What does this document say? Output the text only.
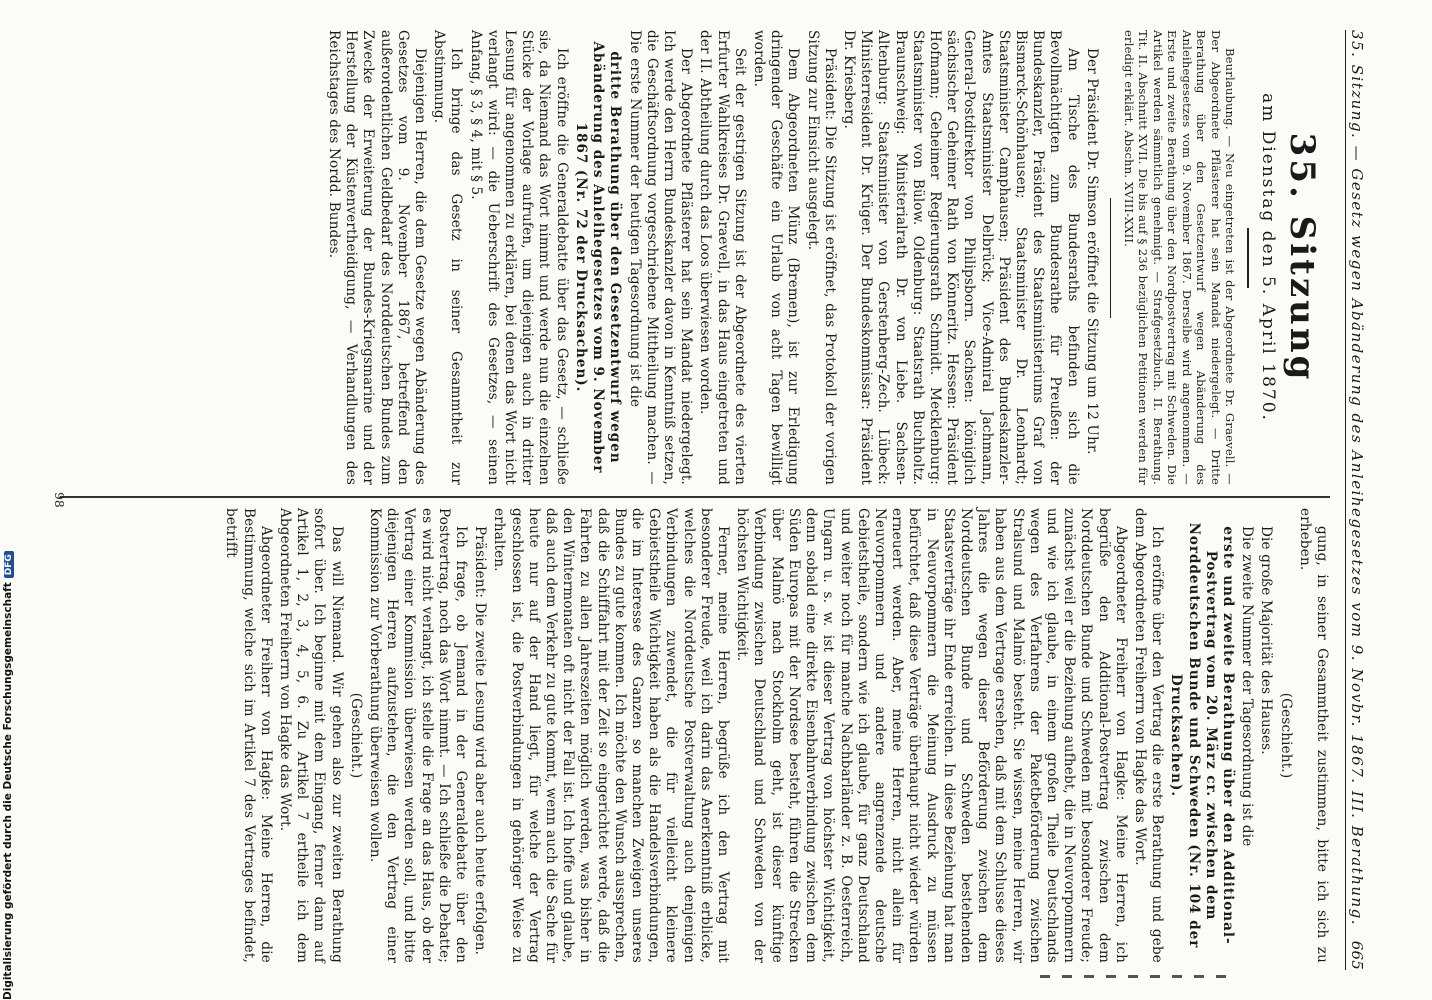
35. Sitzung. — Gesetz wegen Abänderung des Anleihegesetzes vom 9. Novbr. 1867. III. Berathung.
665
35. Sitzung
am Dienstag den 5. April 1870.

Beurlaubung. — Neu eingetreten ist der Abgeordnete Dr. Graevell. — Der Abgeordnete Pflästerer hat sein Mandat niedergelegt. — Dritte Berathung über den Gesetzentwurf wegen Abänderung des Anleihegesetzes vom 9. November 1867. Derselbe wird angenommen. — Erste und zweite Berathung über den Nordpostvertrag mit Schweden. Die Artikel werden sämmtlich genehmigt. — Strafgesetzbuch. II. Berathung. Tit. II. Abschnitt XVII. Die bis auf § 236 bezüglichen Petitionen werden für erledigt erklärt. Abschn. XVIII-XXII.

Der Präsident Dr. Simson eröffnet die Sitzung um 12 Uhr.

Am Tische des Bundesraths befinden sich die Bevollmächtigten zum Bundesrathe für Preußen: der Bundeskanzler, Präsident des Staatsministeriums Graf von Bismarck-Schönhausen; Staatsminister Dr. Leonhardt; Staatsminister Camphausen; Präsident des Bundeskanzler-Amtes Staatsminister Delbrück; Vice-Admiral Jachmann, General-Postdirektor von Philipsborn. Sachsen: königlich sächsischer Geheimer Rath von Könneritz. Hessen: Präsident Hofmann; Geheimer Regierungsrath Schmidt. Mecklenburg: Staatsminister von Bülow. Oldenburg: Staatsrath Buchholtz. Braunschweig: Ministerialrath Dr. von Liebe. Sachsen-Altenburg: Staatsminister von Gerstenberg-Zech. Lübeck: Ministerresident Dr. Krüger. Der Bundeskommissar: Präsident Dr. Kriesberg.

Präsident: Die Sitzung ist eröffnet, das Protokoll der vorigen Sitzung zur Einsicht ausgelegt.

Dem Abgeordneten Münz (Bremen), ist zur Erledigung dringender Geschäfte ein Urlaub von acht Tagen bewilligt worden.

Seit der gestrigen Sitzung ist der Abgeordnete des vierten Erfurter Wahlkreises Dr. Graevell, in das Haus eingetreten und der II. Abtheilung durch das Loos überwiesen worden.

Der Abgeordnete Pflästerer hat sein Mandat niedergelegt. Ich werde den Herrn Bundeskanzler davon in Kenntniß setzen, die Geschäftsordnung vorgeschriebene Mittheilung machen. — Die erste Nummer der heutigen Tagesordnung ist die

dritte Berathung über den Gesetzentwurf wegen Abänderung des Anleihegesetzes vom 9. November 1867 (Nr. 72 der Drucksachen).

Ich eröffne die Generaldebatte über das Gesetz, — schließe sie, da Niemand das Wort nimmt und werde nun die einzelnen Stücke der Vorlage aufrufen, um diejenigen auch in dritter Lesung für angenommen zu erklären, bei denen das Wort nicht verlangt wird: — die Ueberschrift des Gesetzes, — seinen Anfang, § 3, § 4, mit § 5.

Ich bringe das Gesetz in seiner Gesammtheit zur Abstimmung.

Diejenigen Herren, die dem Gesetze wegen Abänderung des Gesetzes vom 9. November 1867, betreffend den außerordentlichen Geldbedarf des Norddeutschen Bundes zum Zwecke der Erweiterung der Bundes-Kriegsmarine und der Herstellung der Küstenvertheidigung, — Verhandlungen des Reichstages des Nordd. Bundes.

gung, in seiner Gesammtheit zustimmen, bitte ich sich zu erheben.

(Geschieht.)

Die große Majorität des Hauses.

Die zweite Nummer der Tagesordnung ist die

erste und zweite Berathung über den Additional-Postvertrag vom 20. März cr. zwischen dem Norddeutschen Bunde und Schweden (Nr. 104 der Drucksachen).

Ich eröffne über den Vertrag die erste Berathung und gebe dem Abgeordneten Freiherrn von Hagke das Wort.

Abgeordneter Freiherr von Hagke: Meine Herren, ich begrüße den Additional-Postvertrag zwischen dem Norddeutschen Bunde und Schweden mit besonderer Freude; zunächst weil er die Beziehung aufhebt, die in Neuvorpommern und wie ich glaube, in einem großen Theile Deutschlands wegen des Verfahrens der Paketbeförderung zwischen Stralsund und Malmö besteht. Sie wissen, meine Herren, wir haben aus dem Vertrage ersehen, daß mit dem Schlusse dieses Jahres die wegen dieser Beförderung zwischen dem Norddeutschen Bunde und Schweden bestehenden Staatsverträge ihr Ende erreichen. In diese Beziehung hat man in Neuvorpommern die Meinung Ausdruck zu müssen befürchtet, daß diese Verträge überhaupt nicht wieder würden erneuert werden. Aber, meine Herren, nicht allein für Neuvorpommern und andere angrenzende deutsche Gebietstheile, sondern wie ich glaube, für ganz Deutschland und weiter noch für manche Nachbarländer z. B. Oesterreich, Ungarn u. s. w. ist dieser Vertrag von höchster Wichtigkeit, denn sobald eine direkte Eisenbahnverbindung zwischen dem Süden Europas mit der Nordsee besteht, führen die Strecken über Malmö nach Stockholm geht, ist dieser künftige Verbindung zwischen Deutschland und Schweden von der höchsten Wichtigkeit.

Ferner, meine Herren, begrüße ich den Vertrag mit besonderer Freude, weil ich darin das Anerkenntniß erblicke, welches die Norddeutsche Postverwaltung auch denjenigen Verbindungen zuwendet, die für vielleicht kleinere Gebietstheile Wichtigkeit haben als die Handelsverbindungen, die im Interesse des Ganzen so manchen Zweigen unseres Bundes zu gute kommen. Ich möchte den Wunsch aussprechen, daß die Schifffahrt mit der Zeit so eingerichtet werde, daß die Fahrten zu allen Jahreszeiten möglich werden, was bisher in den Wintermonaten oft nicht der Fall ist. Ich hoffe und glaube, daß auch dem Verkehr zu gute kommt, wenn auch die Sache für heute nur auf der Hand liegt, für welche der Vertrag geschlossen ist, die Postverbindungen in gehöriger Weise zu erhalten.

Präsident: Die zweite Lesung wird aber auch heute erfolgen.

Ich frage, ob Jemand in der Generaldebatte über den Postvertrag, noch das Wort nimmt. — Ich schließe die Debatte; es wird nicht verlangt, ich stelle die Frage an das Haus, ob der Vertrag einer Kommission überwiesen werden soll, und bitte diejenigen Herren aufzustehen, die den Vertrag einer Kommission zur Vorberathung überweisen wollen.

(Geschieht.)

Das will Niemand. Wir gehen also zur zweiten Berathung sofort über. Ich beginne mit dem Eingang, ferner dann auf Artikel 1, 2, 3, 4, 5, 6. Zu Artikel 7 ertheile ich dem Abgeordneten Freiherrn von Hagke das Wort.

Abgeordneter Freiherr von Hagke: Meine Herren, die Bestimmung, welche sich im Artikel 7 des Vertrages befindet, betrifft

98
Digitalisierung gefördert durch die Deutsche ForschungsgemeinschaftDFG
